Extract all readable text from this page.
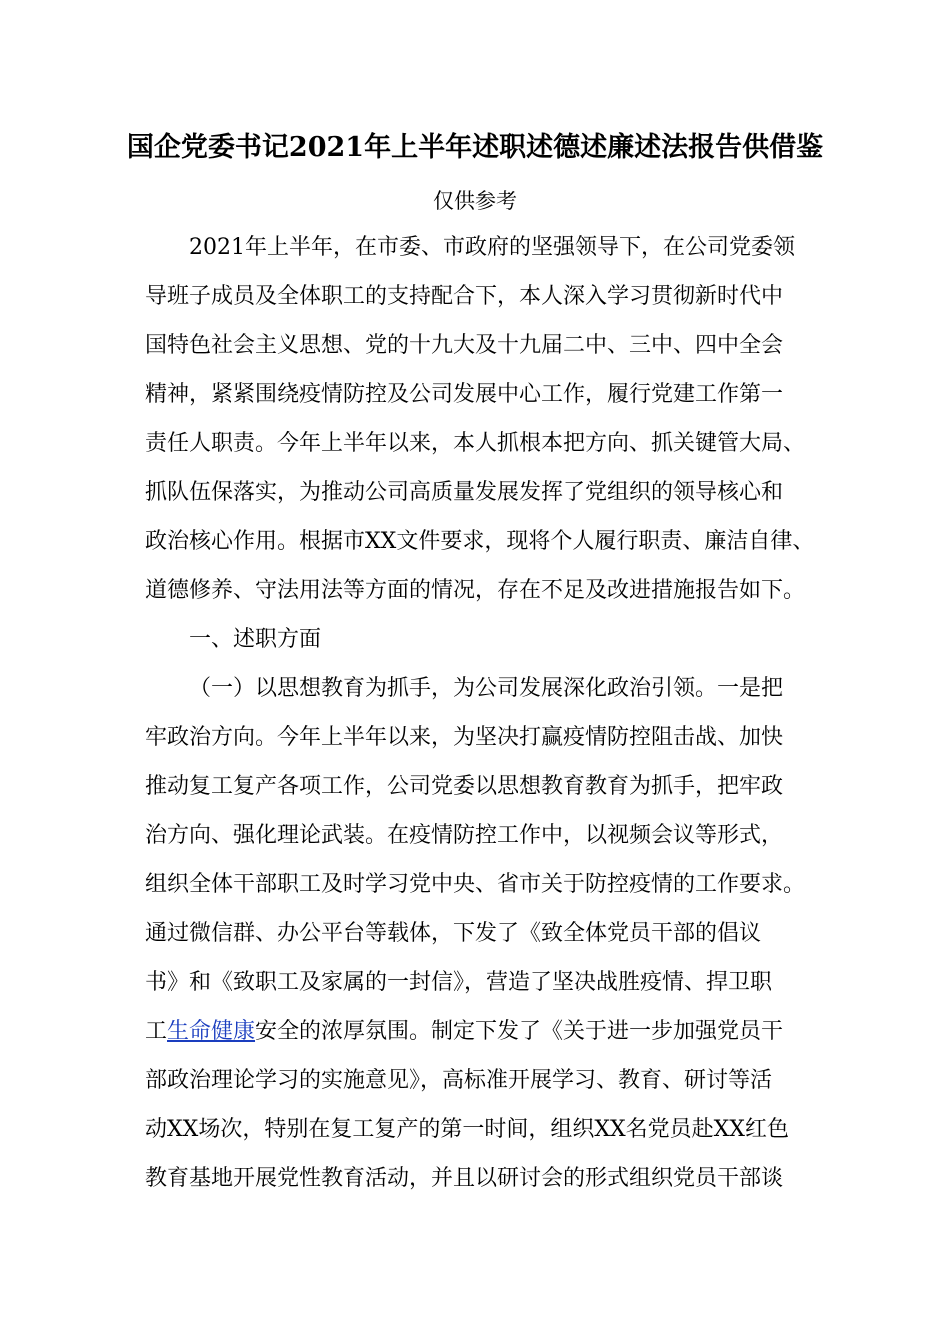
国企党委书记2021年上半年述职述德述廉述法报告供借鉴
仅供参考
2021年上半年，在市委、市政府的坚强领导下，在公司党委领
导班子成员及全体职工的支持配合下，本人深入学习贯彻新时代中
国特色社会主义思想、党的十九大及十九届二中、三中、四中全会
精神，紧紧围绕疫情防控及公司发展中心工作，履行党建工作第一
责任人职责。今年上半年以来，本人抓根本把方向、抓关键管大局、
抓队伍保落实，为推动公司高质量发展发挥了党组织的领导核心和
政治核心作用。根据市XX文件要求，现将个人履行职责、廉洁自律、
道德修养、守法用法等方面的情况，存在不足及改进措施报告如下。
一、述职方面
（一）以思想教育为抓手，为公司发展深化政治引领。一是把
牢政治方向。今年上半年以来，为坚决打赢疫情防控阻击战、加快
推动复工复产各项工作，公司党委以思想教育教育为抓手，把牢政
治方向、强化理论武装。在疫情防控工作中，以视频会议等形式，
组织全体干部职工及时学习党中央、省市关于防控疫情的工作要求。
通过微信群、办公平台等载体，下发了《致全体党员干部的倡议
书》和《致职工及家属的一封信》，营造了坚决战胜疫情、捍卫职
工生命健康安全的浓厚氛围。制定下发了《关于进一步加强党员干
部政治理论学习的实施意见》，高标准开展学习、教育、研讨等活
动XX场次，特别在复工复产的第一时间，组织XX名党员赴XX红色
教育基地开展党性教育活动，并且以研讨会的形式组织党员干部谈
